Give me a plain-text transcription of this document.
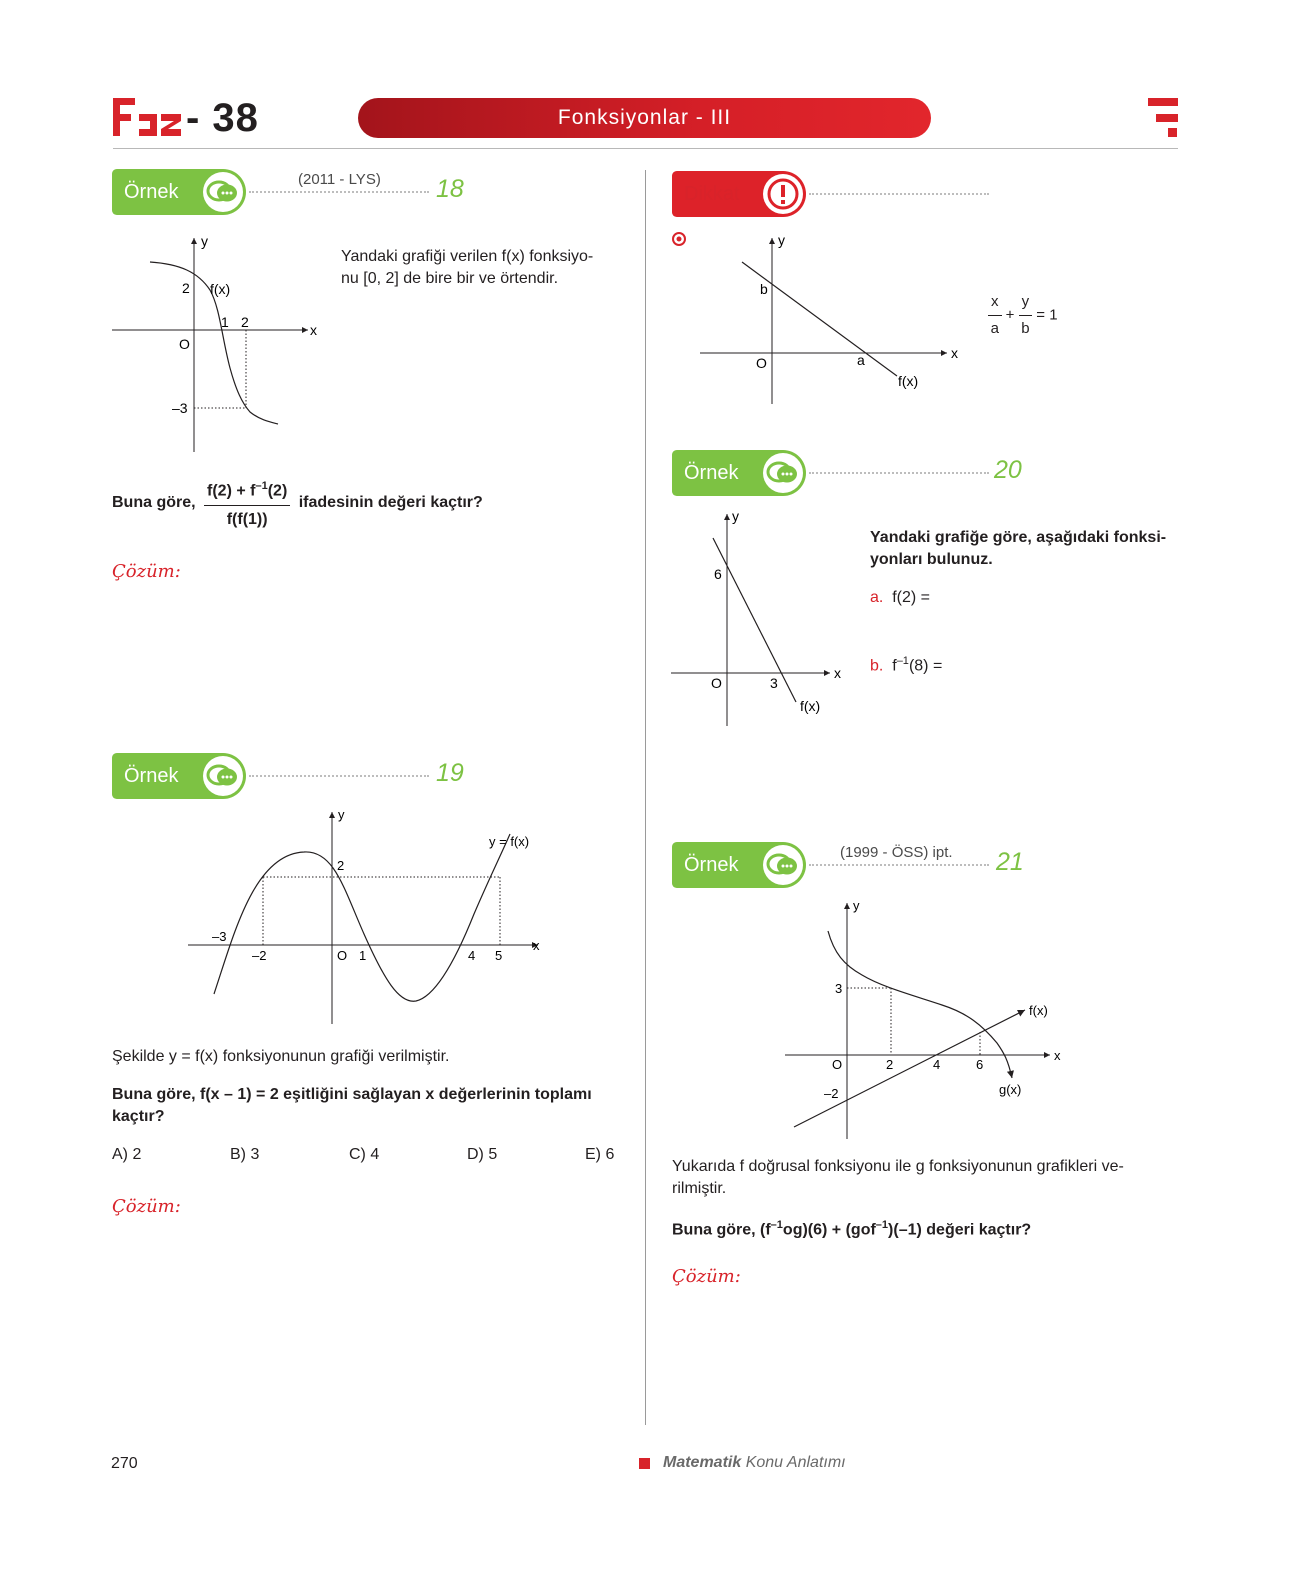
- 38	Fonksiyonlar - III
Örnek
(2011 - LYS) 18
y
x
2 f(x)
1 2
O
–3
Yandaki grafiği verilen f(x) fonksiyo-
nu [0, 2] de bire bir ve örtendir.
Buna göre, $\frac{f(2) + f^{-1}(2)}{f(f(1))}$ ifadesinin değeri kaçtır?
Çözüm:
Örnek	19
y
x
y = f(x)
2
–3
–2	O 1	4 5
Şekilde y = f(x) fonksiyonunun grafiği verilmiştir.
Buna göre, f(x – 1) = 2 eşitliğini sağlayan x değerlerinin toplamı kaçtır?
A) 2	B) 3	C) 4	D) 5	E) 6
Çözüm:
Dikkat
y
x
b
O	a
f(x)
$\frac{x}{a} + \frac{y}{b} = 1$
Örnek	20
y
x
6
O	3
f(x)
Yandaki grafiğe göre, aşağıdaki fonksi-
yonları bulunuz.
a. f(2) =
b. $f^{-1}(8)$ =
Örnek
(1999 - ÖSS) ipt. 21
y
x
3
O	2	4	6
–2
f(x)
g(x)
Yukarıda f doğrusal fonksiyonu ile g fonksiyonunun grafikleri ve-
rilmiştir.
Buna göre, $(f^{-1}og)(6) + (gof^{-1})(-1)$ değeri kaçtır?
Çözüm:
270	Matematik Konu Anlatımı
